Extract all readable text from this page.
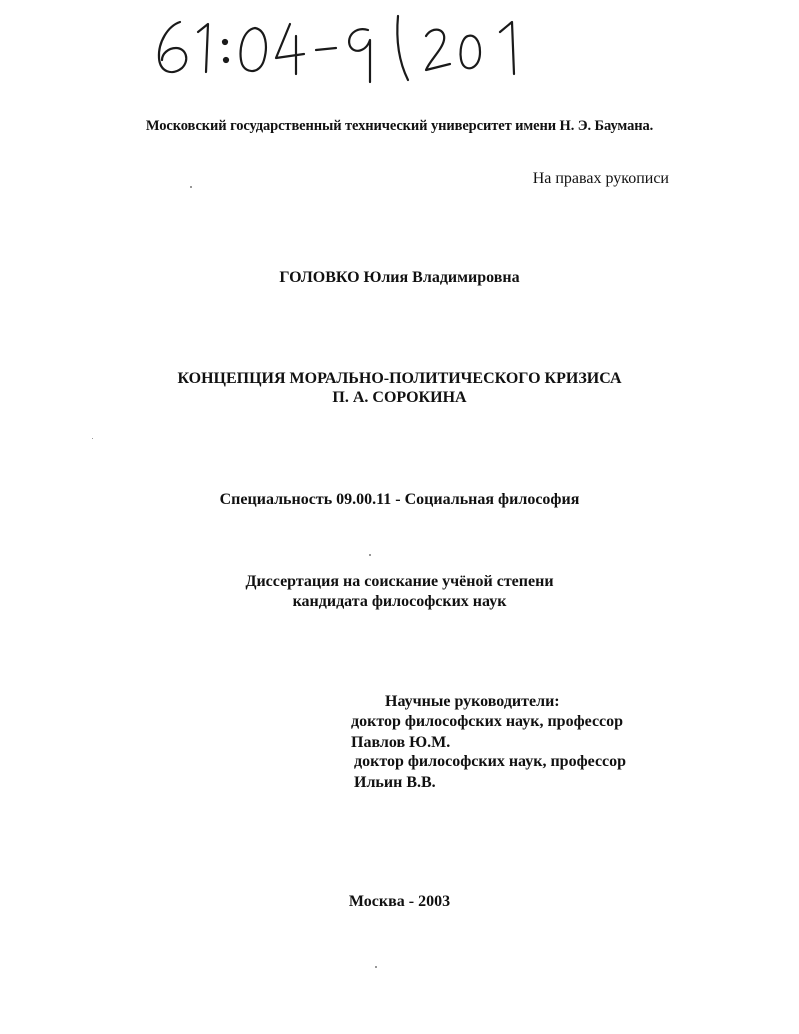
Московский государственный технический университет имени Н. Э. Баумана.
На правах рукописи
ГОЛОВКО Юлия Владимировна
КОНЦЕПЦИЯ МОРАЛЬНО-ПОЛИТИЧЕСКОГО КРИЗИСА
П. А. СОРОКИНА
Специальность 09.00.11 - Социальная философия
Диссертация на соискание учёной степени
кандидата философских наук
Научные руководители:
доктор философских наук, профессор
Павлов Ю.М.
доктор философских наук, профессор
Ильин В.В.
Москва - 2003
